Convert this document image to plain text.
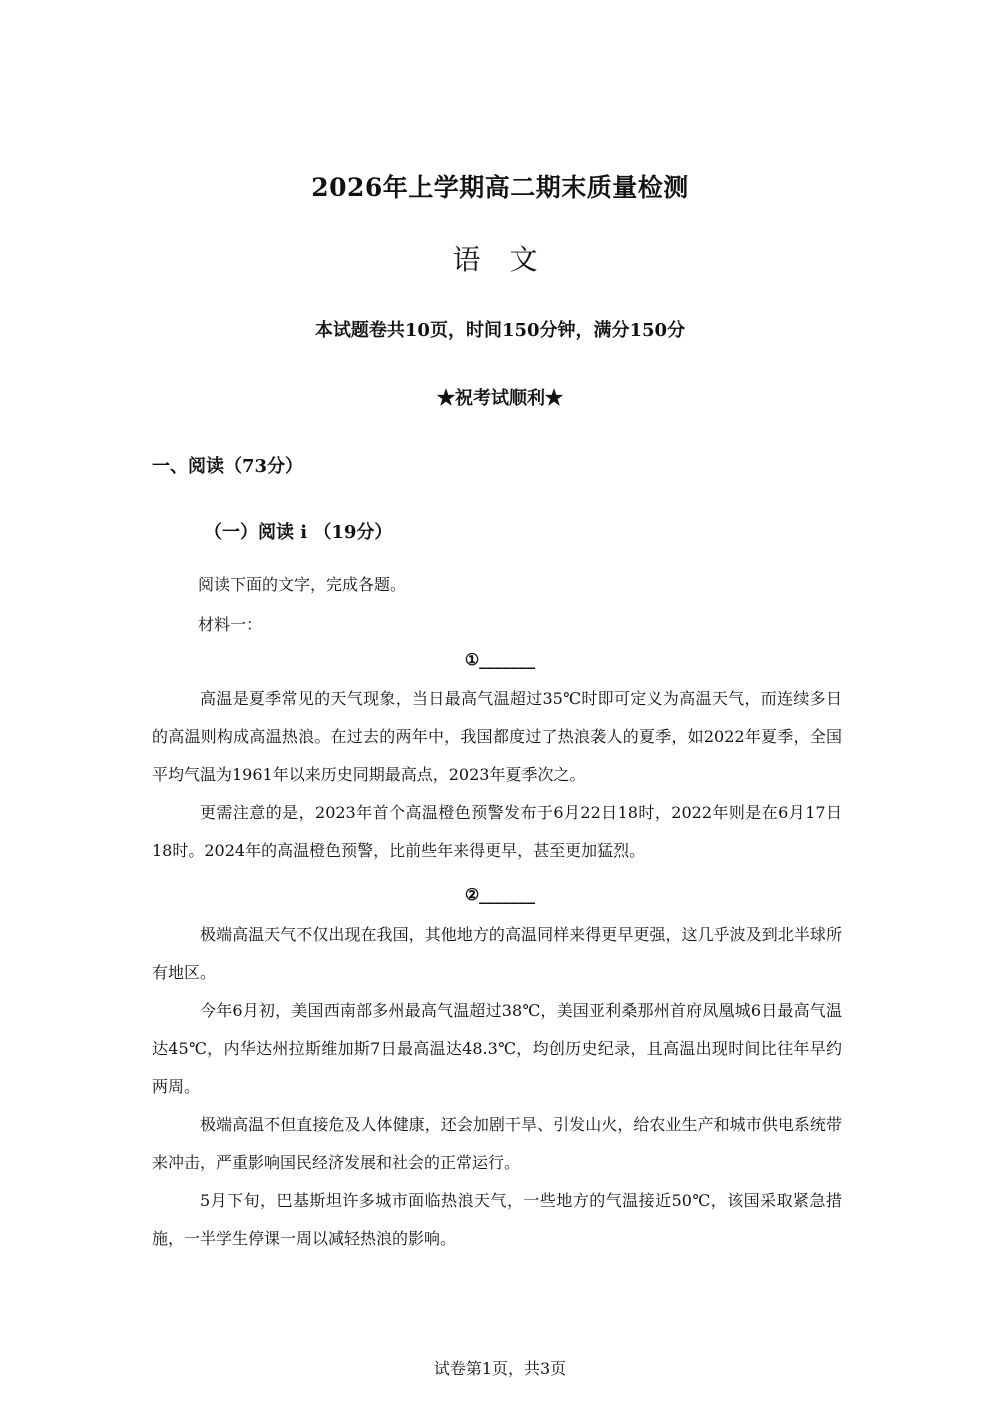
2026年上学期高二期末质量检测
语 文
本试题卷共10页，时间150分钟，满分150分
★祝考试顺利★
一、阅读（73分）
（一）阅读 i （19分）
阅读下面的文字，完成各题。
材料一：
①_______

高温是夏季常见的天气现象，当日最高气温超过35℃时即可定义为高温天气，而连续多日的高温则构成高温热浪。在过去的两年中，我国都度过了热浪袭人的夏季，如2022年夏季，全国平均气温为1961年以来历史同期最高点，2023年夏季次之。

更需注意的是，2023年首个高温橙色预警发布于6月22日18时，2022年则是在6月17日18时。2024年的高温橙色预警，比前些年来得更早，甚至更加猛烈。

②_______

极端高温天气不仅出现在我国，其他地方的高温同样来得更早更强，这几乎波及到北半球所有地区。

今年6月初，美国西南部多州最高气温超过38℃，美国亚利桑那州首府凤凰城6日最高气温达45℃，内华达州拉斯维加斯7日最高温达48.3℃，均创历史纪录，且高温出现时间比往年早约两周。

极端高温不但直接危及人体健康，还会加剧干旱、引发山火，给农业生产和城市供电系统带来冲击，严重影响国民经济发展和社会的正常运行。

5月下旬，巴基斯坦许多城市面临热浪天气，一些地方的气温接近50℃，该国采取紧急措施，一半学生停课一周以减轻热浪的影响。

试卷第1页，共3页
